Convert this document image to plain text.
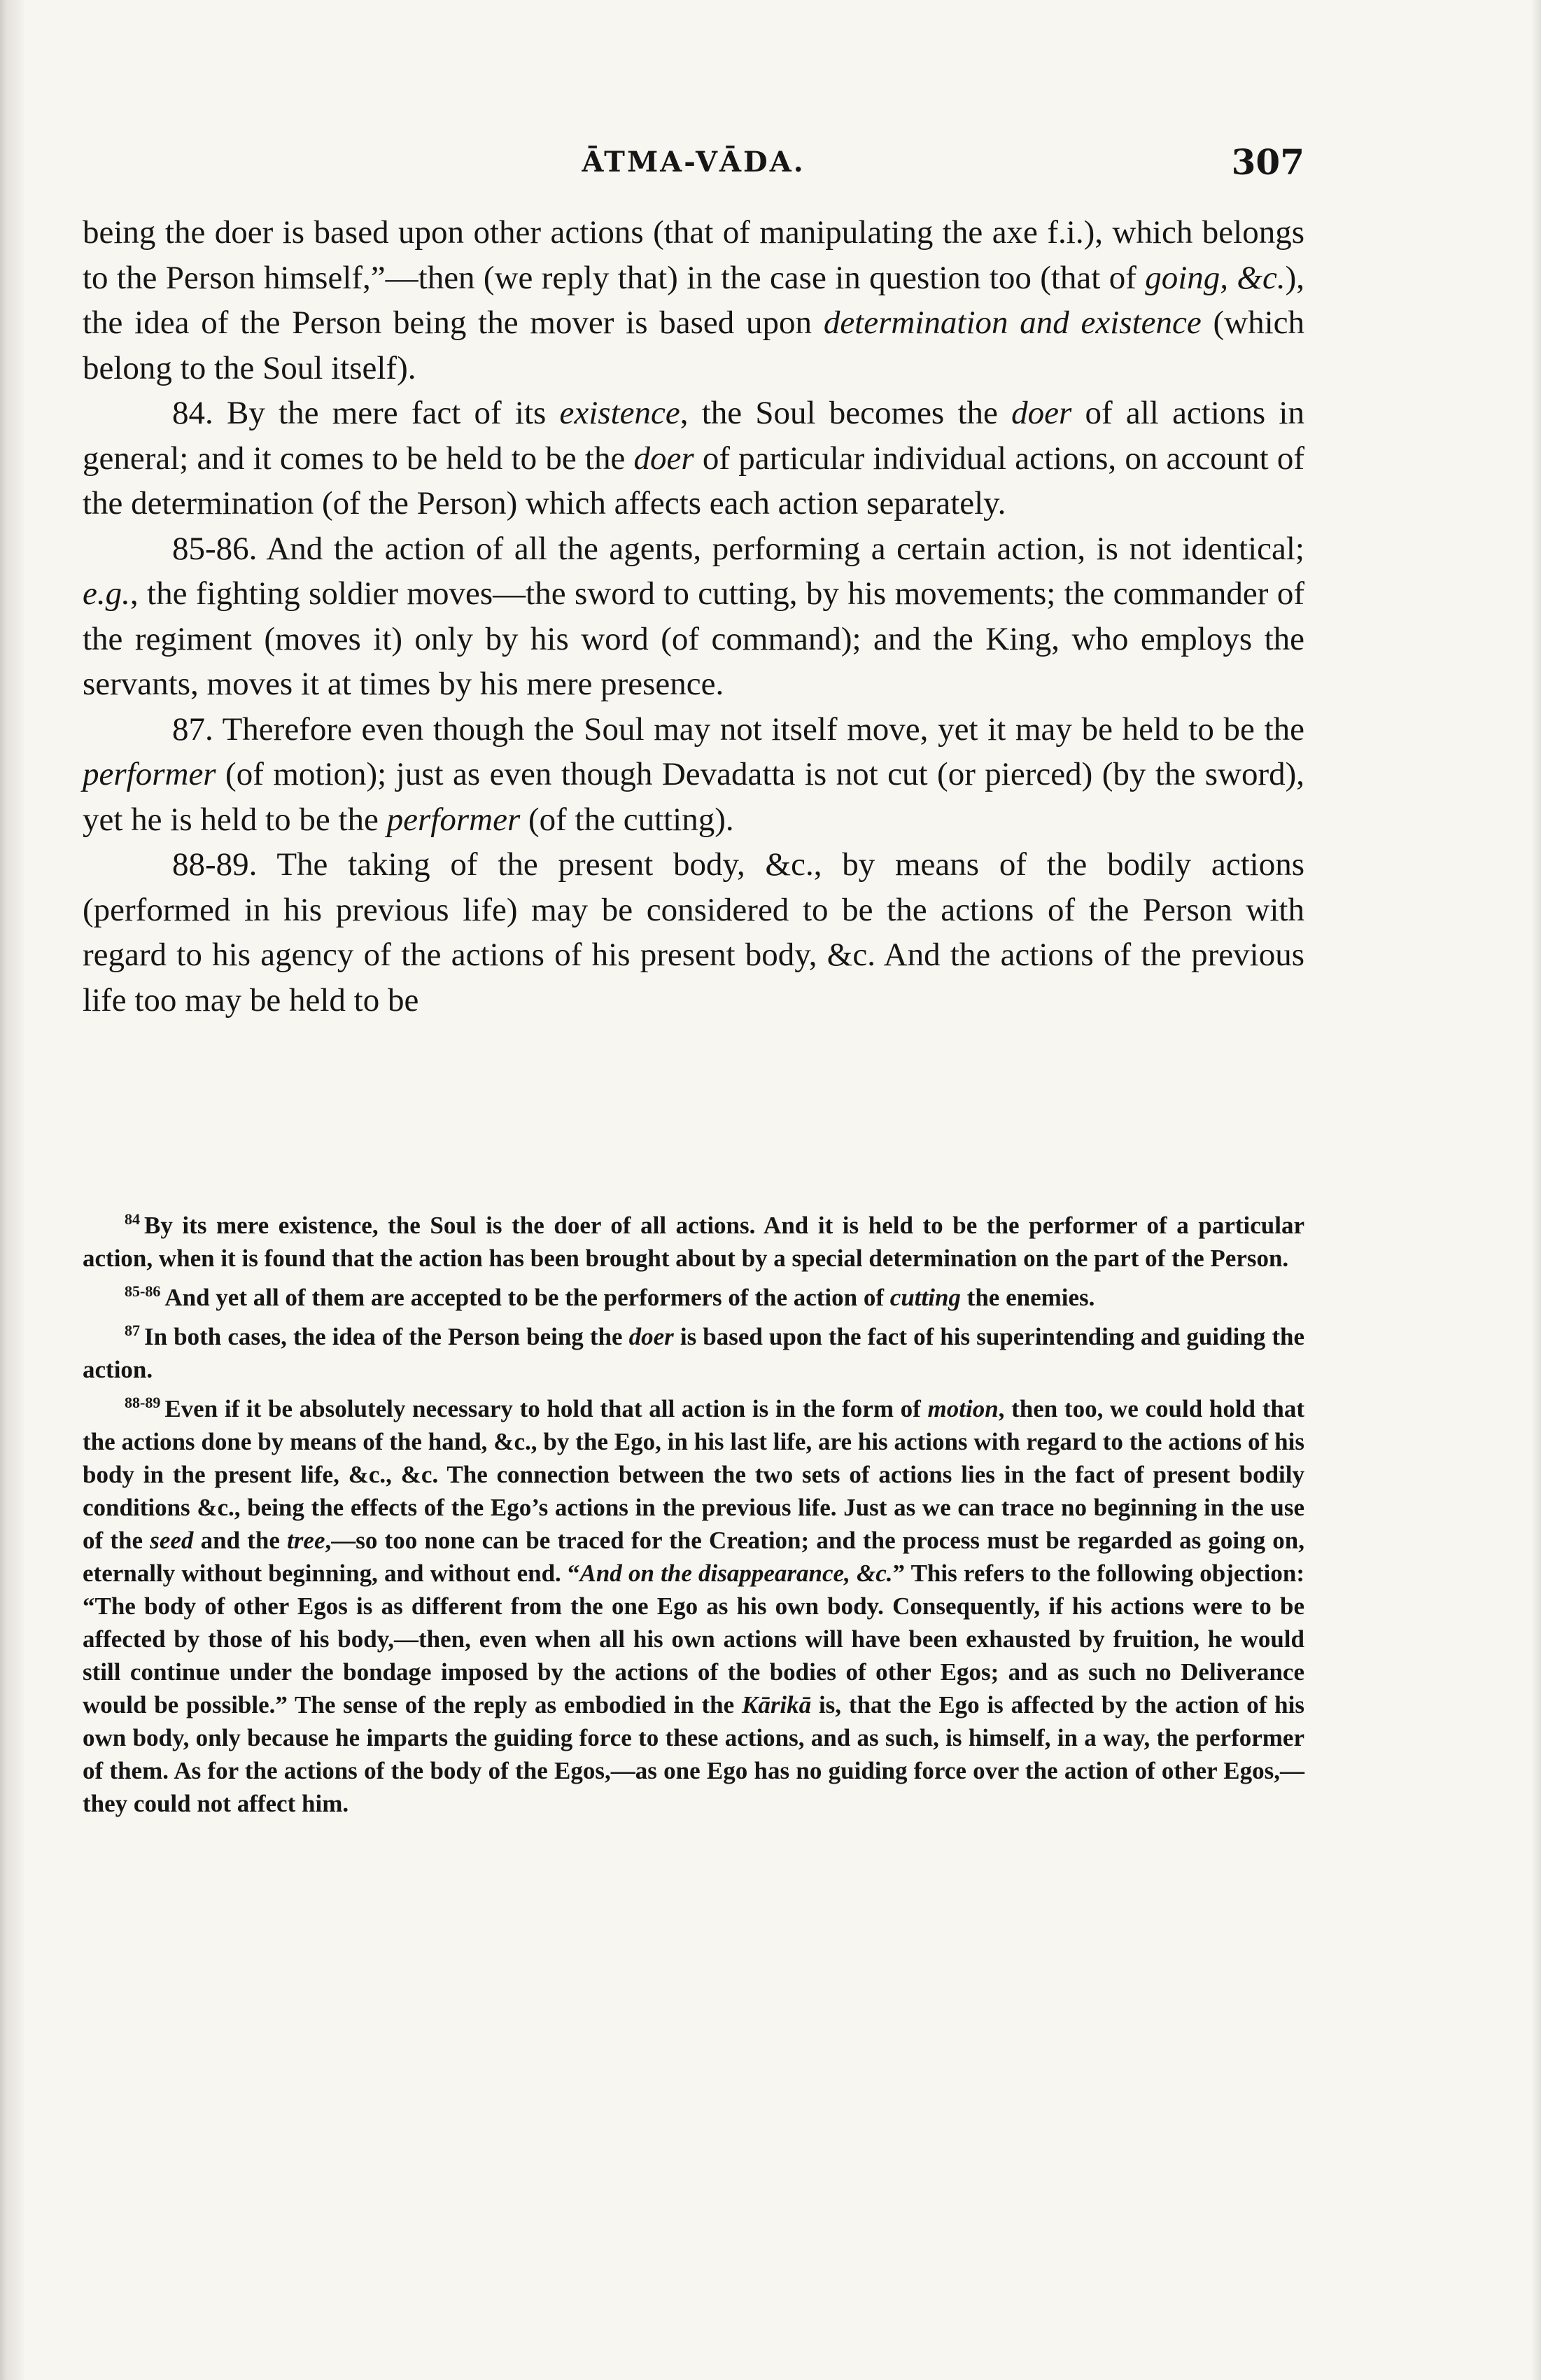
ĀTMA-VĀDA.	307

being the doer is based upon other actions (that of manipulating the axe f.i.), which belongs to the Person himself,”—then (we reply that) in the case in question too (that of going, &c.), the idea of the Person being the mover is based upon determination and existence (which belong to the Soul itself).

84. By the mere fact of its existence, the Soul becomes the doer of all actions in general; and it comes to be held to be the doer of particular individual actions, on account of the determination (of the Person) which affects each action separately.

85-86. And the action of all the agents, performing a certain action, is not identical; e.g., the fighting soldier moves—the sword to cutting, by his movements; the commander of the regiment (moves it) only by his word (of command); and the King, who employs the servants, moves it at times by his mere presence.

87. Therefore even though the Soul may not itself move, yet it may be held to be the performer (of motion); just as even though Devadatta is not cut (or pierced) (by the sword), yet he is held to be the performer (of the cutting).

88-89. The taking of the present body, &c., by means of the bodily actions (performed in his previous life) may be considered to be the actions of the Person with regard to his agency of the actions of his present body, &c. And the actions of the previous life too may be held to be

$^{84}$ By its mere existence, the Soul is the doer of all actions. And it is held to be the performer of a particular action, when it is found that the action has been brought about by a special determination on the part of the Person.

$^{85-86}$ And yet all of them are accepted to be the performers of the action of cutting the enemies.

$^{87}$ In both cases, the idea of the Person being the doer is based upon the fact of his superintending and guiding the action.

$^{88-89}$ Even if it be absolutely necessary to hold that all action is in the form of motion, then too, we could hold that the actions done by means of the hand, &c., by the Ego, in his last life, are his actions with regard to the actions of his body in the present life, &c., &c. The connection between the two sets of actions lies in the fact of present bodily conditions &c., being the effects of the Ego’s actions in the previous life. Just as we can trace no beginning in the use of the seed and the tree,—so too none can be traced for the Creation; and the process must be regarded as going on, eternally without beginning, and without end. “And on the disappearance, &c.” This refers to the following objection: “The body of other Egos is as different from the one Ego as his own body. Consequently, if his actions were to be affected by those of his body,—then, even when all his own actions will have been exhausted by fruition, he would still continue under the bondage imposed by the actions of the bodies of other Egos; and as such no Deliverance would be possible.” The sense of the reply as embodied in the Kārikā is, that the Ego is affected by the action of his own body, only because he imparts the guiding force to these actions, and as such, is himself, in a way, the performer of them. As for the actions of the body of the Egos,—as one Ego has no guiding force over the action of other Egos,—they could not affect him.
